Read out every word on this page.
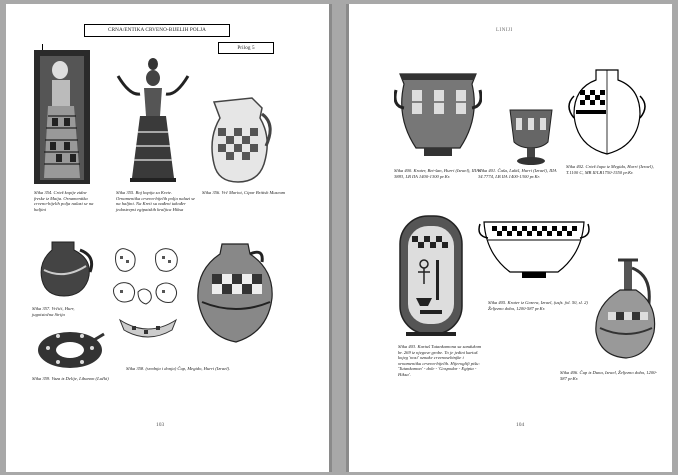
CRNA/ENTIKA CRVENO-BIJELIH POLJA
Prilog 5
Slika 354. Crtež kopije zidne freske iz Maija. Ornamentika crveno-bijelih polja nalazi se na haljini
Slika 355. Boj kopija sa Krete. Ornamentika crveno-bijelih polja nalazi se na haljini. Na Kreti su nađeni također jedastrepsi egipatskih kraljica Hiksa
Slika 356. Vrč Mariot, Cipar British Museum
Slika 357. Vrčići, Hurr, jugoistočna Sirija
Slika 359. Vaza iz Delije, Libanon (Lučki)
Slika 358. (srednja i donja) Čup, Megido, Hurri (Izrael).
103
LINIJI
Slika 400. Krater, Bet-šan, Hurri (Izrael), IIIA I 3883, LB IIA 1400-1300 pr.Kr.
Slika 401. Čaša, Lakiš, Hurri (Izrael), IIIA 34.7774, LB IIA 1400-1300 pr.Kr.
Slika 402. Crtež čupa iz Megida, Hurri (Izrael), T.1100 C, MB II/LB1750-1550 pr.Kr.
Slika 403. Kartuš Tutankamona sa sandukom br. 269 iz njegove grobe. To je jedini kartuš kojeg 'nosi' oznake crvenosebinjke i ornamentiku crveno-bijelih. Hijeroglifi pišu: 'Tutankamon' - dole - 'Gospodar - Egipta - Hiksa'.
Slika 405. Krater iz Gezera, Izrael, (usfz. fol. 50, sl. 2) Željezno doba, 1200-587 pr.Kr.
Slika 406. Čup iz Duna, Izrael, Željezno doba, 1200-587 pr.Kr.
104
